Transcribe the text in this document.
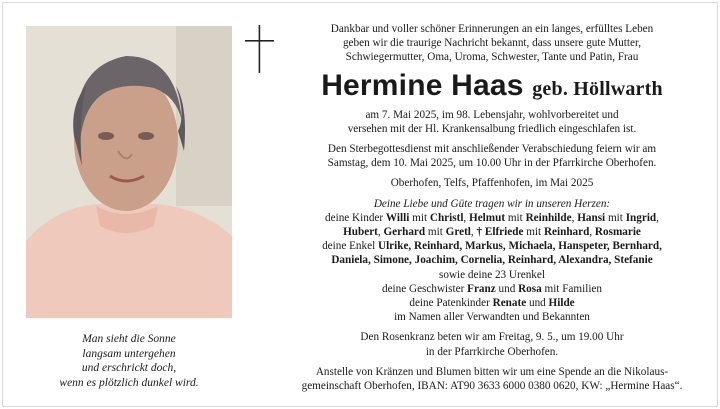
Man sieht die Sonne
langsam untergehen
und erschrickt doch,
wenn es plötzlich dunkel wird.
Dankbar und voller schöner Erinnerungen an ein langes, erfülltes Leben
geben wir die traurige Nachricht bekannt, dass unsere gute Mutter,
Schwiegermutter, Oma, Uroma, Schwester, Tante und Patin, Frau
Hermine Haas geb. Höllwarth
am 7. Mai 2025, im 98. Lebensjahr, wohlvorbereitet und
versehen mit der Hl. Krankensalbung friedlich eingeschlafen ist.
Den Sterbegottesdienst mit anschließender Verabschiedung feiern wir am
Samstag, dem 10. Mai 2025, um 10.00 Uhr in der Pfarrkirche Oberhofen.
Oberhofen, Telfs, Pfaffenhofen, im Mai 2025
Deine Liebe und Güte tragen wir in unseren Herzen:
deine Kinder Willi mit Christl, Helmut mit Reinhilde, Hansi mit Ingrid,
Hubert, Gerhard mit Gretl, † Elfriede mit Reinhard, Rosmarie
deine Enkel Ulrike, Reinhard, Markus, Michaela, Hanspeter, Bernhard,
Daniela, Simone, Joachim, Cornelia, Reinhard, Alexandra, Stefanie
sowie deine 23 Urenkel
deine Geschwister Franz und Rosa mit Familien
deine Patenkinder Renate und Hilde
im Namen aller Verwandten und Bekannten
Den Rosenkranz beten wir am Freitag, 9. 5., um 19.00 Uhr
in der Pfarrkirche Oberhofen.
Anstelle von Kränzen und Blumen bitten wir um eine Spende an die Nikolaus-
gemeinschaft Oberhofen, IBAN: AT90 3633 6000 0380 0620, KW: „Hermine Haas“.
